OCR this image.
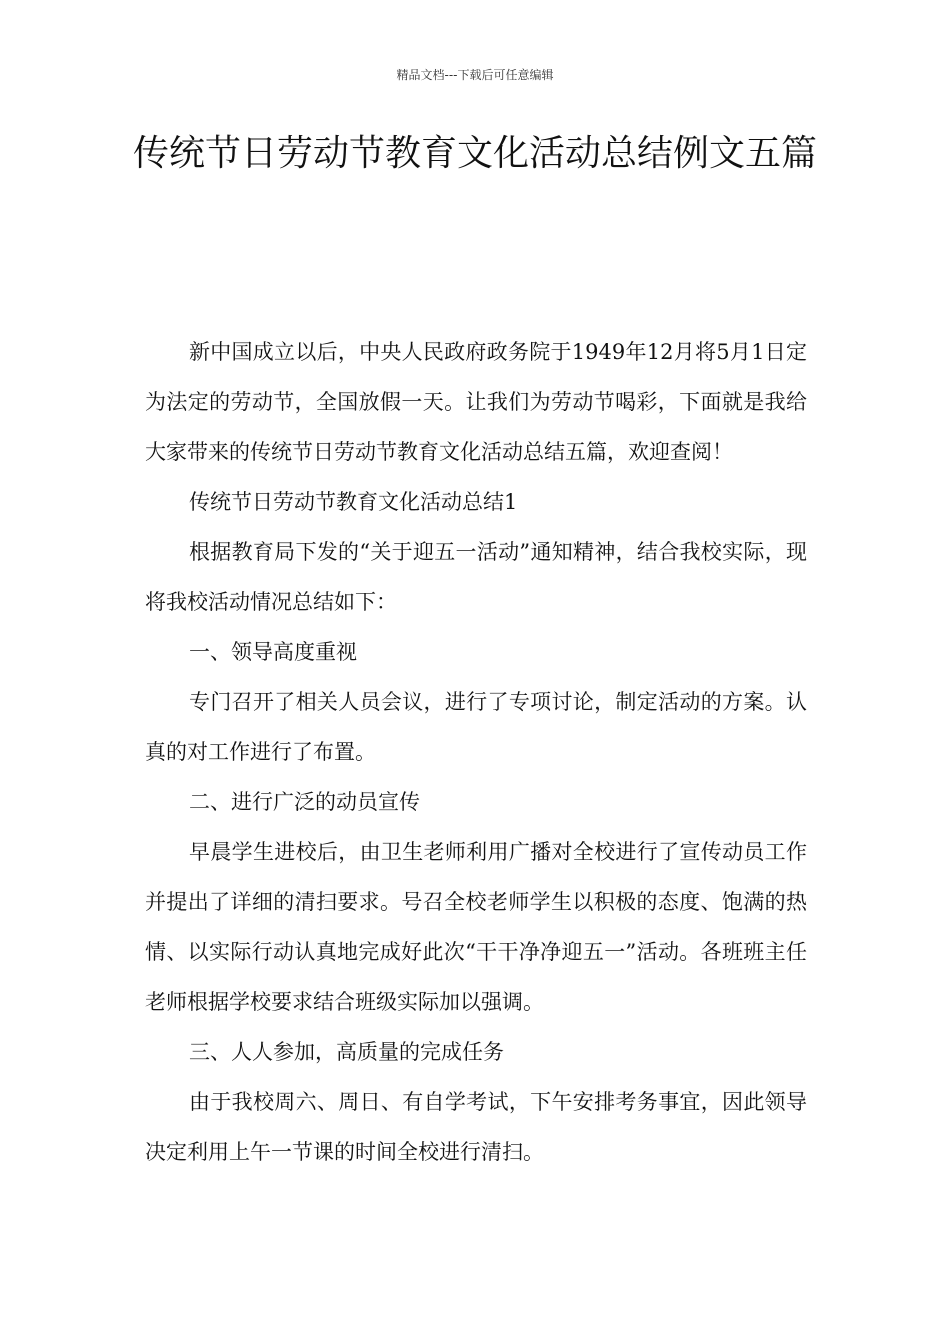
精品文档---下载后可任意编辑
传统节日劳动节教育文化活动总结例文五篇

新中国成立以后，中央人民政府政务院于1949年12月将5月1日定为法定的劳动节，全国放假一天。让我们为劳动节喝彩，下面就是我给大家带来的传统节日劳动节教育文化活动总结五篇，欢迎查阅！

传统节日劳动节教育文化活动总结1

根据教育局下发的“关于迎五一活动”通知精神，结合我校实际，现将我校活动情况总结如下：

一、领导高度重视

专门召开了相关人员会议，进行了专项讨论，制定活动的方案。认真的对工作进行了布置。

二、进行广泛的动员宣传

早晨学生进校后，由卫生老师利用广播对全校进行了宣传动员工作并提出了详细的清扫要求。号召全校老师学生以积极的态度、饱满的热情、以实际行动认真地完成好此次“干干净净迎五一”活动。各班班主任老师根据学校要求结合班级实际加以强调。

三、人人参加，高质量的完成任务

由于我校周六、周日、有自学考试，下午安排考务事宜，因此领导决定利用上午一节课的时间全校进行清扫。
